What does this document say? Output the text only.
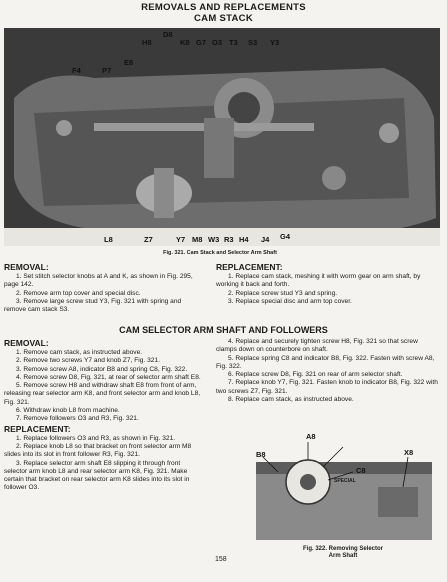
REMOVALS AND REPLACEMENTS
CAM STACK
D8
H8	K8 G7 O3 T3 S3 Y3
F4	P7
E8
L8	Z7	Y7 M8 W3 R3 H4 J4 G4
Fig. 321. Cam Stack and Selector Arm Shaft
REMOVAL:

1. Set stitch selector knobs at A and K, as shown in Fig. 295, page 142.

2. Remove arm top cover and special disc.

3. Remove large screw stud Y3, Fig. 321 with spring and remove cam stack S3.

REPLACEMENT:

1. Replace cam stack, meshing it with worm gear on arm shaft, by working it back and forth.

2. Replace screw stud Y3 and spring.

3. Replace special disc and arm top cover.

CAM SELECTOR ARM SHAFT AND FOLLOWERS
REMOVAL:

1. Remove cam stack, as instructed above.

2. Remove two screws Y7 and knob Z7, Fig. 321.

3. Remove screw A8, indicator B8 and spring C8, Fig. 322.

4. Remove screw D8, Fig. 321, at rear of selector arm shaft E8.

5. Remove screw H8 and withdraw shaft E8 from front of arm, releasing rear selector arm K8, and front selector arm and knob L8, Fig. 321.

6. Withdraw knob L8 from machine.

7. Remove followers O3 and R3, Fig. 321.

REPLACEMENT:

1. Replace followers O3 and R3, as shown in Fig. 321.

2. Replace knob L8 so that bracket on front selector arm M8 slides into its slot in front follower R3, Fig. 321.

3. Replace selector arm shaft E8 slipping it through front selector arm knob L8 and rear selector arm K8, Fig. 321. Make certain that bracket on rear selector arm K8 slides into its slot in follower O3.

4. Replace and securely tighten screw H8, Fig. 321 so that screw clamps down on counterbore on shaft.

5. Replace spring C8 and indicator B8, Fig. 322. Fasten with screw A8, Fig. 322.

6. Replace screw D8, Fig. 321 on rear of arm selector shaft.

7. Replace knob Y7, Fig. 321. Fasten knob to indicator B8, Fig. 322 with two screws Z7, Fig. 321.

8. Replace cam stack, as instructed above.

A8
B8
C8
X8
SPECIAL
Fig. 322. Removing Selector
Arm Shaft
158
